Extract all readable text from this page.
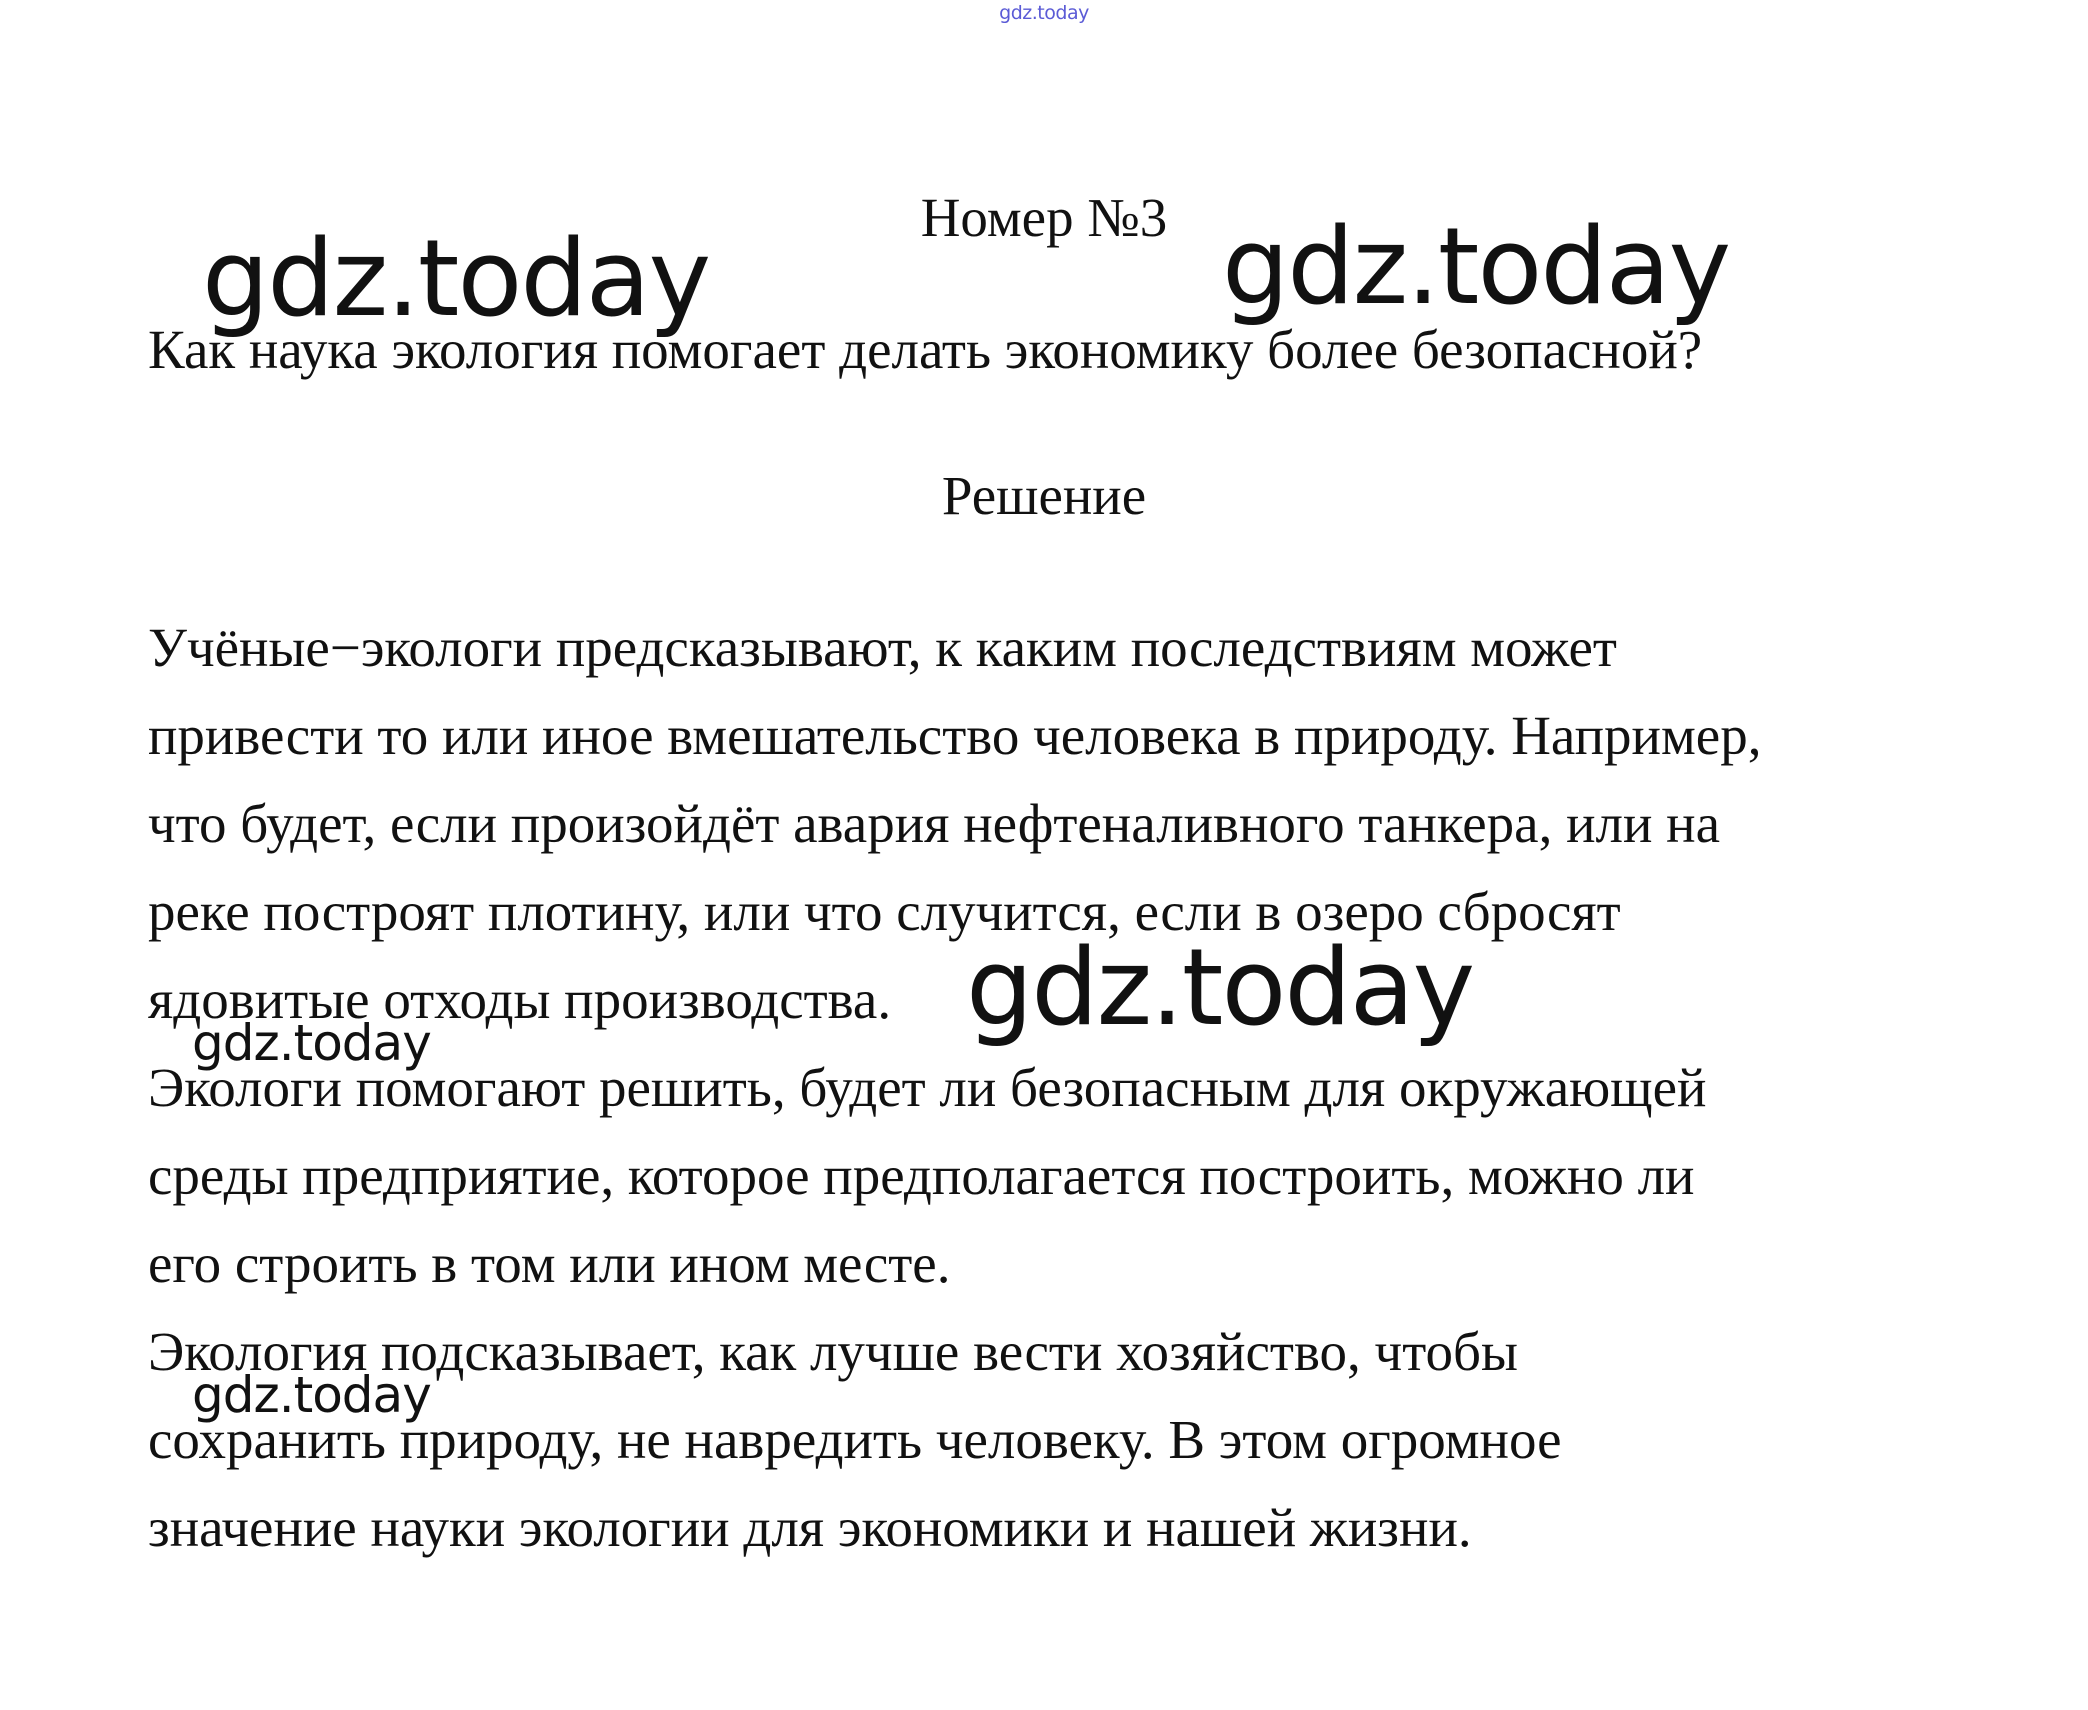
gdz.today
Номер №3
Как наука экология помогает делать экономику более безопасной?
Решение

Учёные−экологи предсказывают, к каким последствиям может
привести то или иное вмешательство человека в природу. Например,
что будет, если произойдёт авария нефтеналивного танкера, или на
реке построят плотину, или что случится, если в озеро сбросят
ядовитые отходы производства.

Экологи помогают решить, будет ли безопасным для окружающей
среды предприятие, которое предполагается построить, можно ли
его строить в том или ином месте.

Экология подсказывает, как лучше вести хозяйство, чтобы
сохранить природу, не навредить человеку. В этом огромное
значение науки экологии для экономики и нашей жизни.

gdz.today	gdz.today
gdz.today
gdz.today
gdz.today
